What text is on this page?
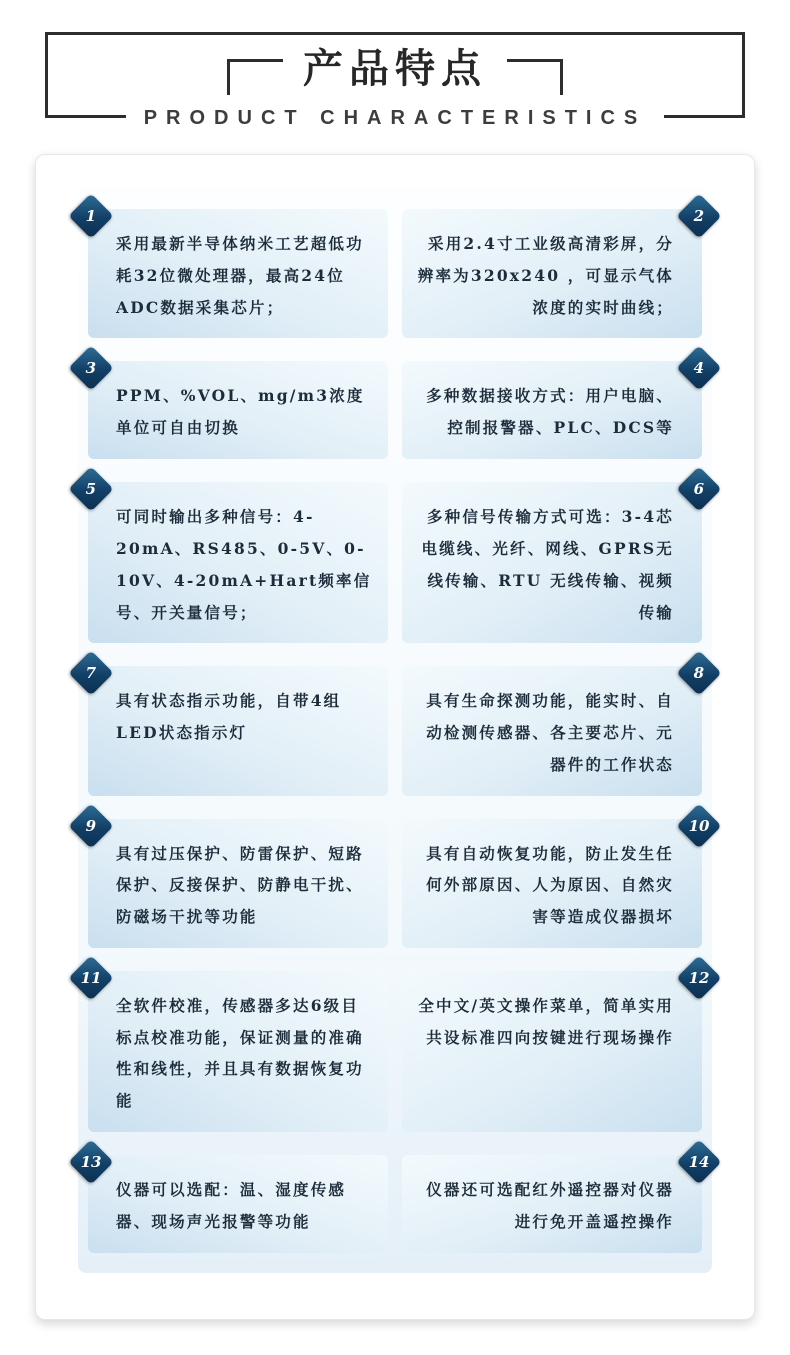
产品特点
PRODUCT CHARACTERISTICS
1

采用最新半导体纳米工艺超低功耗32位微处理器，最高24位ADC数据采集芯片；

2

采用2.4寸工业级高清彩屏，分辨率为320x240 ，可显示气体浓度的实时曲线；

3

PPM、%VOL、mg/m3浓度单位可自由切换

4

多种数据接收方式：用户电脑、控制报警器、PLC、DCS等

5

可同时输出多种信号：4-20mA、RS485、0-5V、0-10V、4-20mA+Hart频率信号、开关量信号；

6

多种信号传输方式可选：3-4芯电缆线、光纤、网线、GPRS无线传输、RTU 无线传输、视频传输

7

具有状态指示功能，自带4组LED状态指示灯

8

具有生命探测功能，能实时、自动检测传感器、各主要芯片、元器件的工作状态

9

具有过压保护、防雷保护、短路保护、反接保护、防静电干扰、防磁场干扰等功能

10

具有自动恢复功能，防止发生任何外部原因、人为原因、自然灾害等造成仪器损坏

11

全软件校准，传感器多达6级目标点校准功能，保证测量的准确性和线性，并且具有数据恢复功能

12

全中文/英文操作菜单，简单实用共设标准四向按键进行现场操作

13

仪器可以选配：温、湿度传感器、现场声光报警等功能

14

仪器还可选配红外遥控器对仪器进行免开盖遥控操作
